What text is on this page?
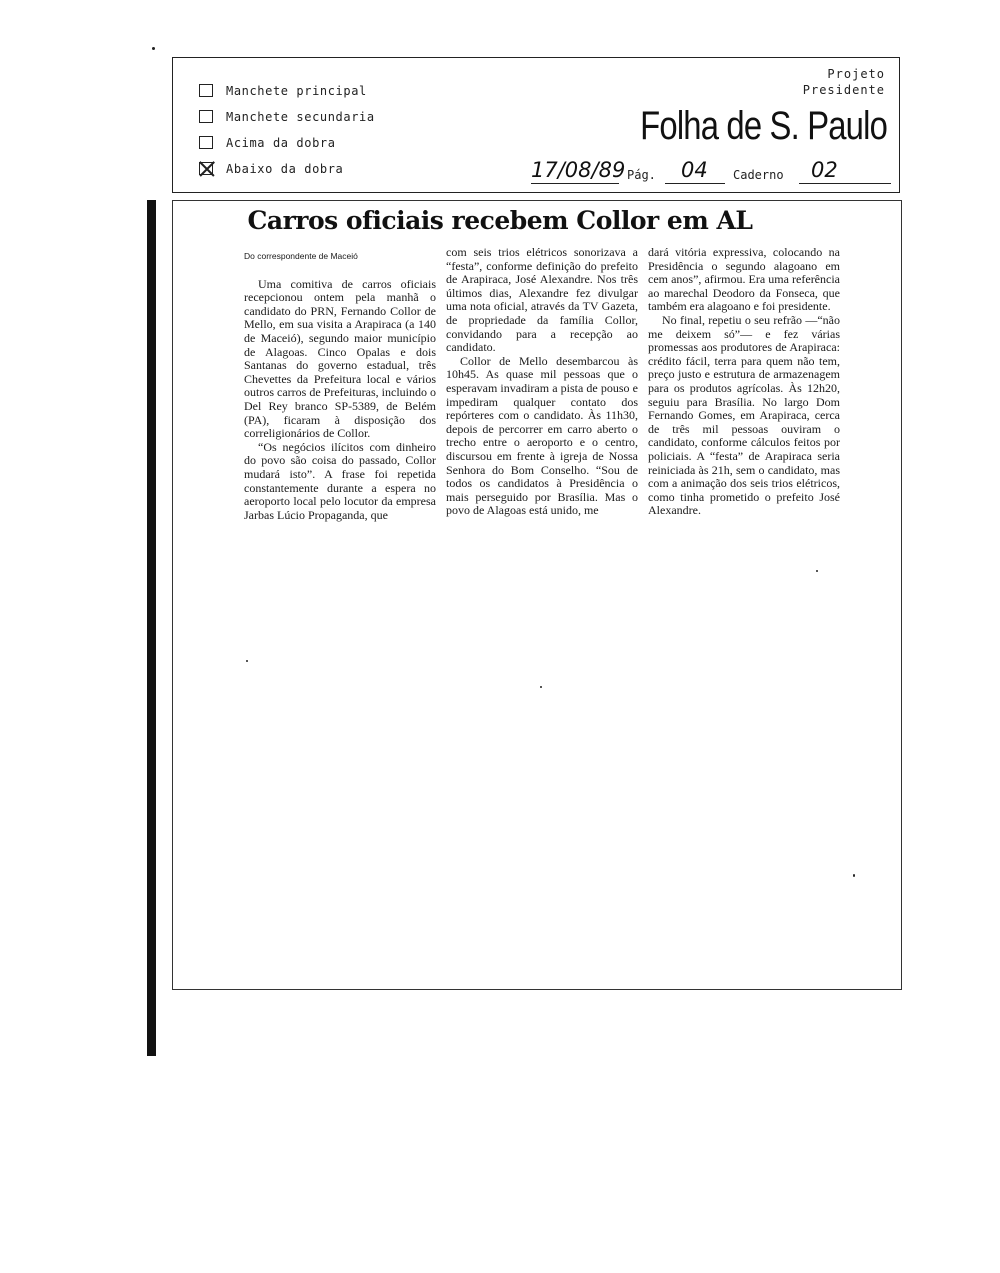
Manchete principal
Manchete secundaria
Acima da dobra
Abaixo da dobra
Projeto
Presidente
Folha de S. Paulo
17/08/89 Pág. 04 Caderno 02
Carros oficiais recebem Collor em AL

Do correspondente de Maceió

Uma comitiva de carros oficiais recepcionou ontem pela manhã o candidato do PRN, Fernando Collor de Mello, em sua visita a Arapiraca (a 140 de Maceió), segundo maior município de Alagoas. Cinco Opalas e dois Santanas do governo estadual, três Chevettes da Prefeitura local e vários outros carros de Prefeituras, incluindo o Del Rey branco SP-5389, de Belém (PA), ficaram à disposição dos correligionários de Collor.

“Os negócios ilícitos com dinheiro do povo são coisa do passado, Collor mudará isto”. A frase foi repetida constantemente durante a espera no aeroporto local pelo locutor da empresa Jarbas Lúcio Propaganda, que

com seis trios elétricos sonorizava a “festa”, conforme definição do prefeito de Arapiraca, José Alexandre. Nos três últimos dias, Alexandre fez divulgar uma nota oficial, através da TV Gazeta, de propriedade da família Collor, convidando para a recepção ao candidato.

Collor de Mello desembarcou às 10h45. As quase mil pessoas que o esperavam invadiram a pista de pouso e impediram qualquer contato dos repórteres com o candidato. Às 11h30, depois de percorrer em carro aberto o trecho entre o aeroporto e o centro, discursou em frente à igreja de Nossa Senhora do Bom Conselho. “Sou de todos os candidatos à Presidência o mais perseguido por Brasília. Mas o povo de Alagoas está unido, me

dará vitória expressiva, colocando na Presidência o segundo alagoano em cem anos”, afirmou. Era uma referência ao marechal Deodoro da Fonseca, que também era alagoano e foi presidente.

No final, repetiu o seu refrão —“não me deixem só”— e fez várias promessas aos produtores de Arapiraca: crédito fácil, terra para quem não tem, preço justo e estrutura de armazenagem para os produtos agrícolas. Às 12h20, seguiu para Brasília. No largo Dom Fernando Gomes, em Arapiraca, cerca de três mil pessoas ouviram o candidato, conforme cálculos feitos por policiais. A “festa” de Arapiraca seria reiniciada às 21h, sem o candidato, mas com a animação dos seis trios elétricos, como tinha prometido o prefeito José Alexandre.
